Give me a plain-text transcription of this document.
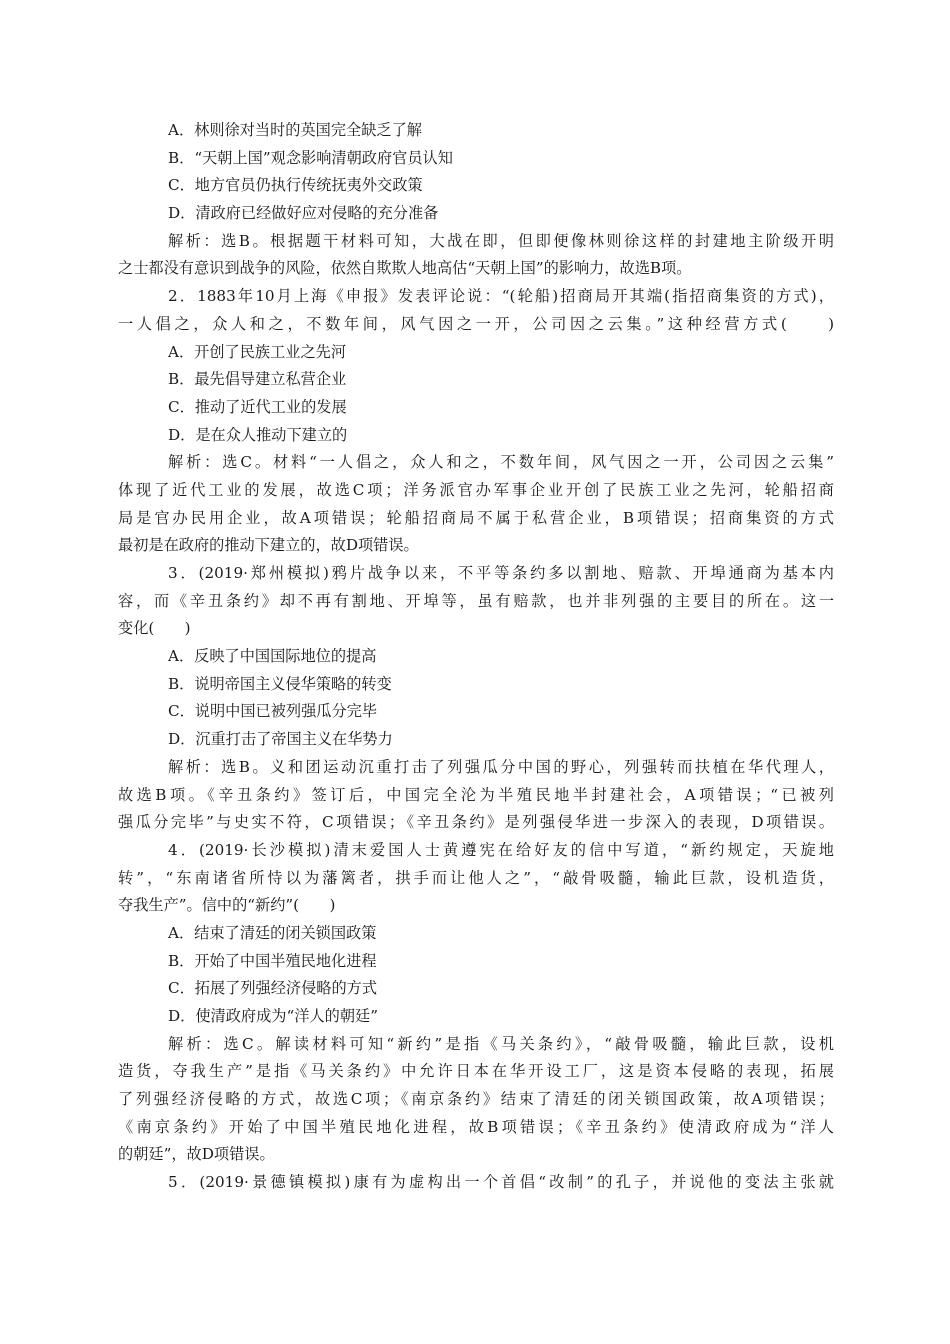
A．林则徐对当时的英国完全缺乏了解
B．“天朝上国”观念影响清朝政府官员认知
C．地方官员仍执行传统抚夷外交政策
D．清政府已经做好应对侵略的充分准备
解析：选B。根据题干材料可知，大战在即，但即便像林则徐这样的封建地主阶级开明
之士都没有意识到战争的风险，依然自欺欺人地高估“天朝上国”的影响力，故选B项。
2．1883年10月上海《申报》发表评论说：“(轮船)招商局开其端(指招商集资的方式)，
一人倡之，众人和之，不数年间，风气因之一开，公司因之云集。”这种经营方式(　　)
A．开创了民族工业之先河
B．最先倡导建立私营企业
C．推动了近代工业的发展
D．是在众人推动下建立的
解析：选C。材料“一人倡之，众人和之，不数年间，风气因之一开，公司因之云集”
体现了近代工业的发展，故选C项；洋务派官办军事企业开创了民族工业之先河，轮船招商
局是官办民用企业，故A项错误；轮船招商局不属于私营企业，B项错误；招商集资的方式
最初是在政府的推动下建立的，故D项错误。
3．(2019·郑州模拟)鸦片战争以来，不平等条约多以割地、赔款、开埠通商为基本内
容，而《辛丑条约》却不再有割地、开埠等，虽有赔款，也并非列强的主要目的所在。这一
变化(　　)
A．反映了中国国际地位的提高
B．说明帝国主义侵华策略的转变
C．说明中国已被列强瓜分完毕
D．沉重打击了帝国主义在华势力
解析：选B。义和团运动沉重打击了列强瓜分中国的野心，列强转而扶植在华代理人，
故选B项。《辛丑条约》签订后，中国完全沦为半殖民地半封建社会，A项错误；“已被列
强瓜分完毕”与史实不符，C项错误；《辛丑条约》是列强侵华进一步深入的表现，D项错误。
4．(2019·长沙模拟)清末爱国人士黄遵宪在给好友的信中写道，“新约规定，天旋地
转”，“东南诸省所恃以为藩篱者，拱手而让他人之”，“敲骨吸髓，输此巨款，设机造货，
夺我生产”。信中的“新约”(　　)
A．结束了清廷的闭关锁国政策
B．开始了中国半殖民地化进程
C．拓展了列强经济侵略的方式
D．使清政府成为“洋人的朝廷”
解析：选C。解读材料可知“新约”是指《马关条约》，“敲骨吸髓，输此巨款，设机
造货，夺我生产”是指《马关条约》中允许日本在华开设工厂，这是资本侵略的表现，拓展
了列强经济侵略的方式，故选C项；《南京条约》结束了清廷的闭关锁国政策，故A项错误；
《南京条约》开始了中国半殖民地化进程，故B项错误；《辛丑条约》使清政府成为“洋人
的朝廷”，故D项错误。
5．(2019·景德镇模拟)康有为虚构出一个首倡“改制”的孔子，并说他的变法主张就
